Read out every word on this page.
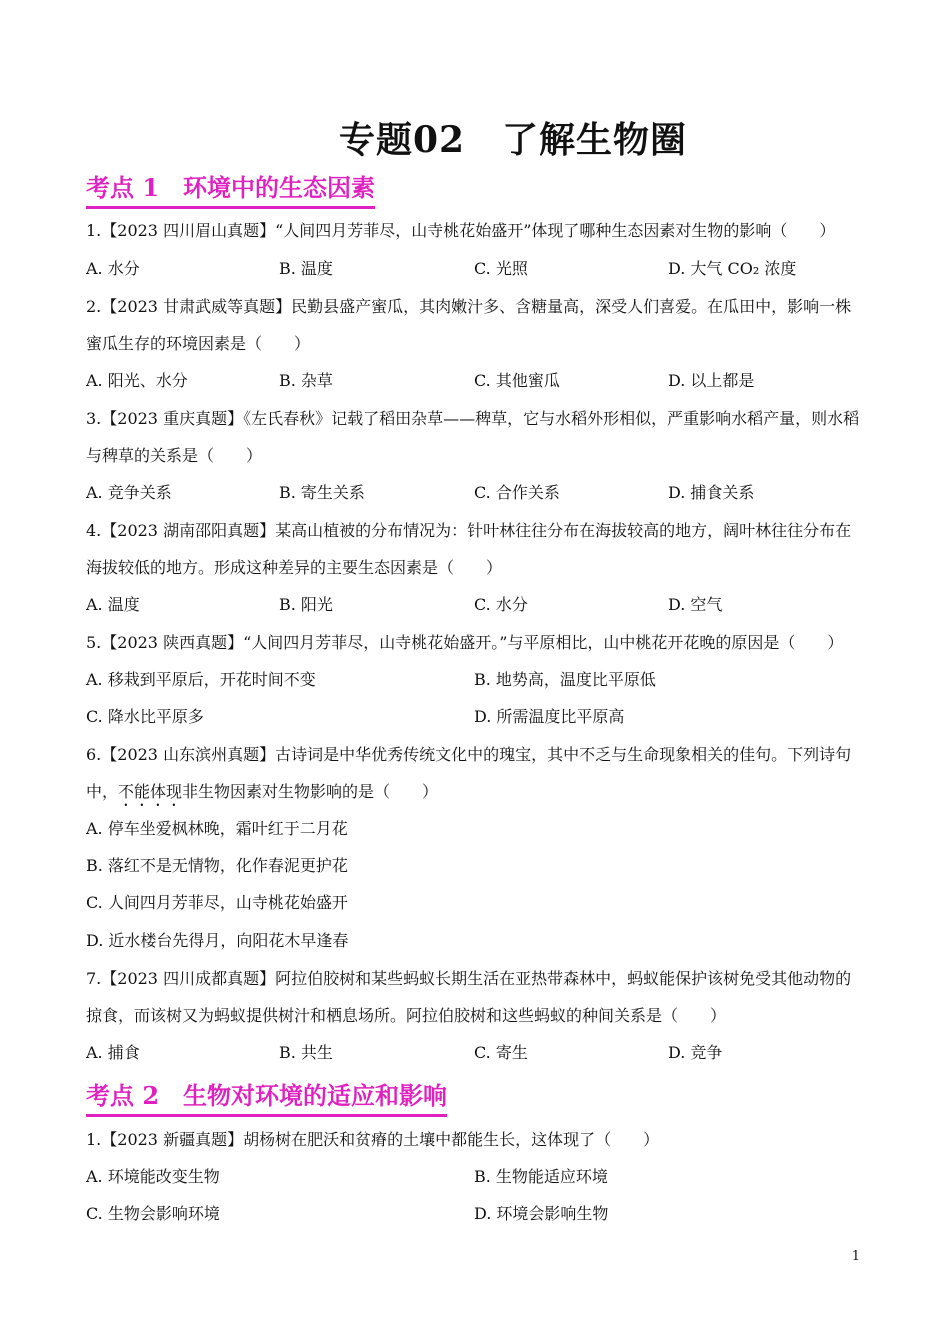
专题02　了解生物圈
考点 1　环境中的生态因素
1.【2023 四川眉山真题】“人间四月芳菲尽，山寺桃花始盛开”体现了哪种生态因素对生物的影响（　　）
A. 水分	B. 温度	C. 光照	D. 大气 CO₂ 浓度
2.【2023 甘肃武威等真题】民勤县盛产蜜瓜，其肉嫩汁多、含糖量高，深受人们喜爱。在瓜田中，影响一株蜜瓜生存的环境因素是（　　）
A. 阳光、水分	B. 杂草	C. 其他蜜瓜	D. 以上都是
3.【2023 重庆真题】《左氏春秋》记载了稻田杂草——稗草，它与水稻外形相似，严重影响水稻产量，则水稻与稗草的关系是（　　）
A. 竞争关系	B. 寄生关系	C. 合作关系	D. 捕食关系
4.【2023 湖南邵阳真题】某高山植被的分布情况为：针叶林往往分布在海拔较高的地方，阔叶林往往分布在海拔较低的地方。形成这种差异的主要生态因素是（　　）
A. 温度	B. 阳光	C. 水分	D. 空气
5.【2023 陕西真题】“人间四月芳菲尽，山寺桃花始盛开。”与平原相比，山中桃花开花晚的原因是（　　）
A. 移栽到平原后，开花时间不变	B. 地势高，温度比平原低
C. 降水比平原多	D. 所需温度比平原高
6.【2023 山东滨州真题】古诗词是中华优秀传统文化中的瑰宝，其中不乏与生命现象相关的佳句。下列诗句中，不能体现非生物因素对生物影响的是（　　）
A. 停车坐爱枫林晚，霜叶红于二月花
B. 落红不是无情物，化作春泥更护花
C. 人间四月芳菲尽，山寺桃花始盛开
D. 近水楼台先得月，向阳花木早逢春
7.【2023 四川成都真题】阿拉伯胶树和某些蚂蚁长期生活在亚热带森林中，蚂蚁能保护该树免受其他动物的掠食，而该树又为蚂蚁提供树汁和栖息场所。阿拉伯胶树和这些蚂蚁的种间关系是（　　）
A. 捕食	B. 共生	C. 寄生	D. 竞争
考点 2　生物对环境的适应和影响
1.【2023 新疆真题】胡杨树在肥沃和贫瘠的土壤中都能生长，这体现了（　　）
A. 环境能改变生物	B. 生物能适应环境
C. 生物会影响环境	D. 环境会影响生物
1
